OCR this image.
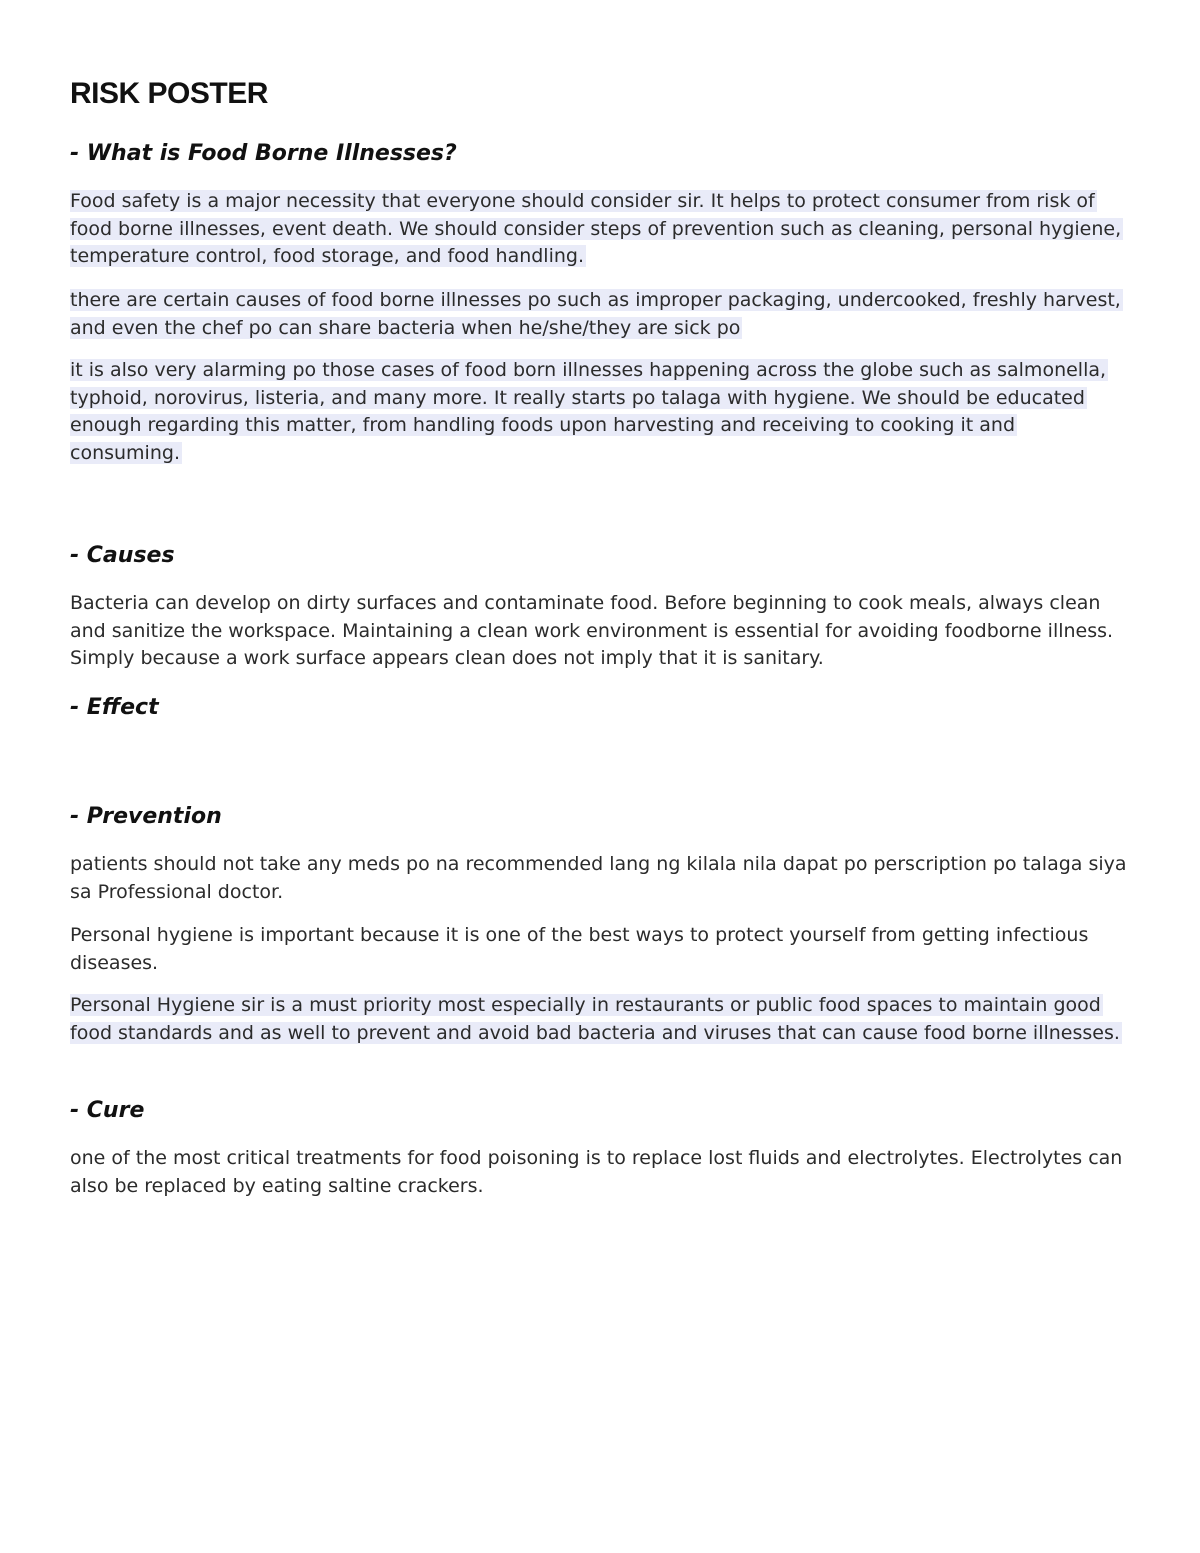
RISK POSTER
- What is Food Borne Illnesses?

Food safety is a major necessity that everyone should consider sir. It helps to protect consumer from risk of food borne illnesses, event death. We should consider steps of prevention such as cleaning, personal hygiene, temperature control, food storage, and food handling.

there are certain causes of food borne illnesses po such as improper packaging, undercooked, freshly harvest, and even the chef po can share bacteria when he/she/they are sick po

it is also very alarming po those cases of food born illnesses happening across the globe such as salmonella, typhoid, norovirus, listeria, and many more. It really starts po talaga with hygiene. We should be educated enough regarding this matter, from handling foods upon harvesting and receiving to cooking it and consuming.

- Causes

Bacteria can develop on dirty surfaces and contaminate food. Before beginning to cook meals, always clean and sanitize the workspace. Maintaining a clean work environment is essential for avoiding foodborne illness. Simply because a work surface appears clean does not imply that it is sanitary.

- Effect
- Prevention

patients should not take any meds po na recommended lang ng kilala nila dapat po perscription po talaga siya sa Professional doctor.

Personal hygiene is important because it is one of the best ways to protect yourself from getting infectious diseases.

Personal Hygiene sir is a must priority most especially in restaurants or public food spaces to maintain good food standards and as well to prevent and avoid bad bacteria and viruses that can cause food borne illnesses.

- Cure

one of the most critical treatments for food poisoning is to replace lost fluids and electrolytes. Electrolytes can also be replaced by eating saltine crackers.
